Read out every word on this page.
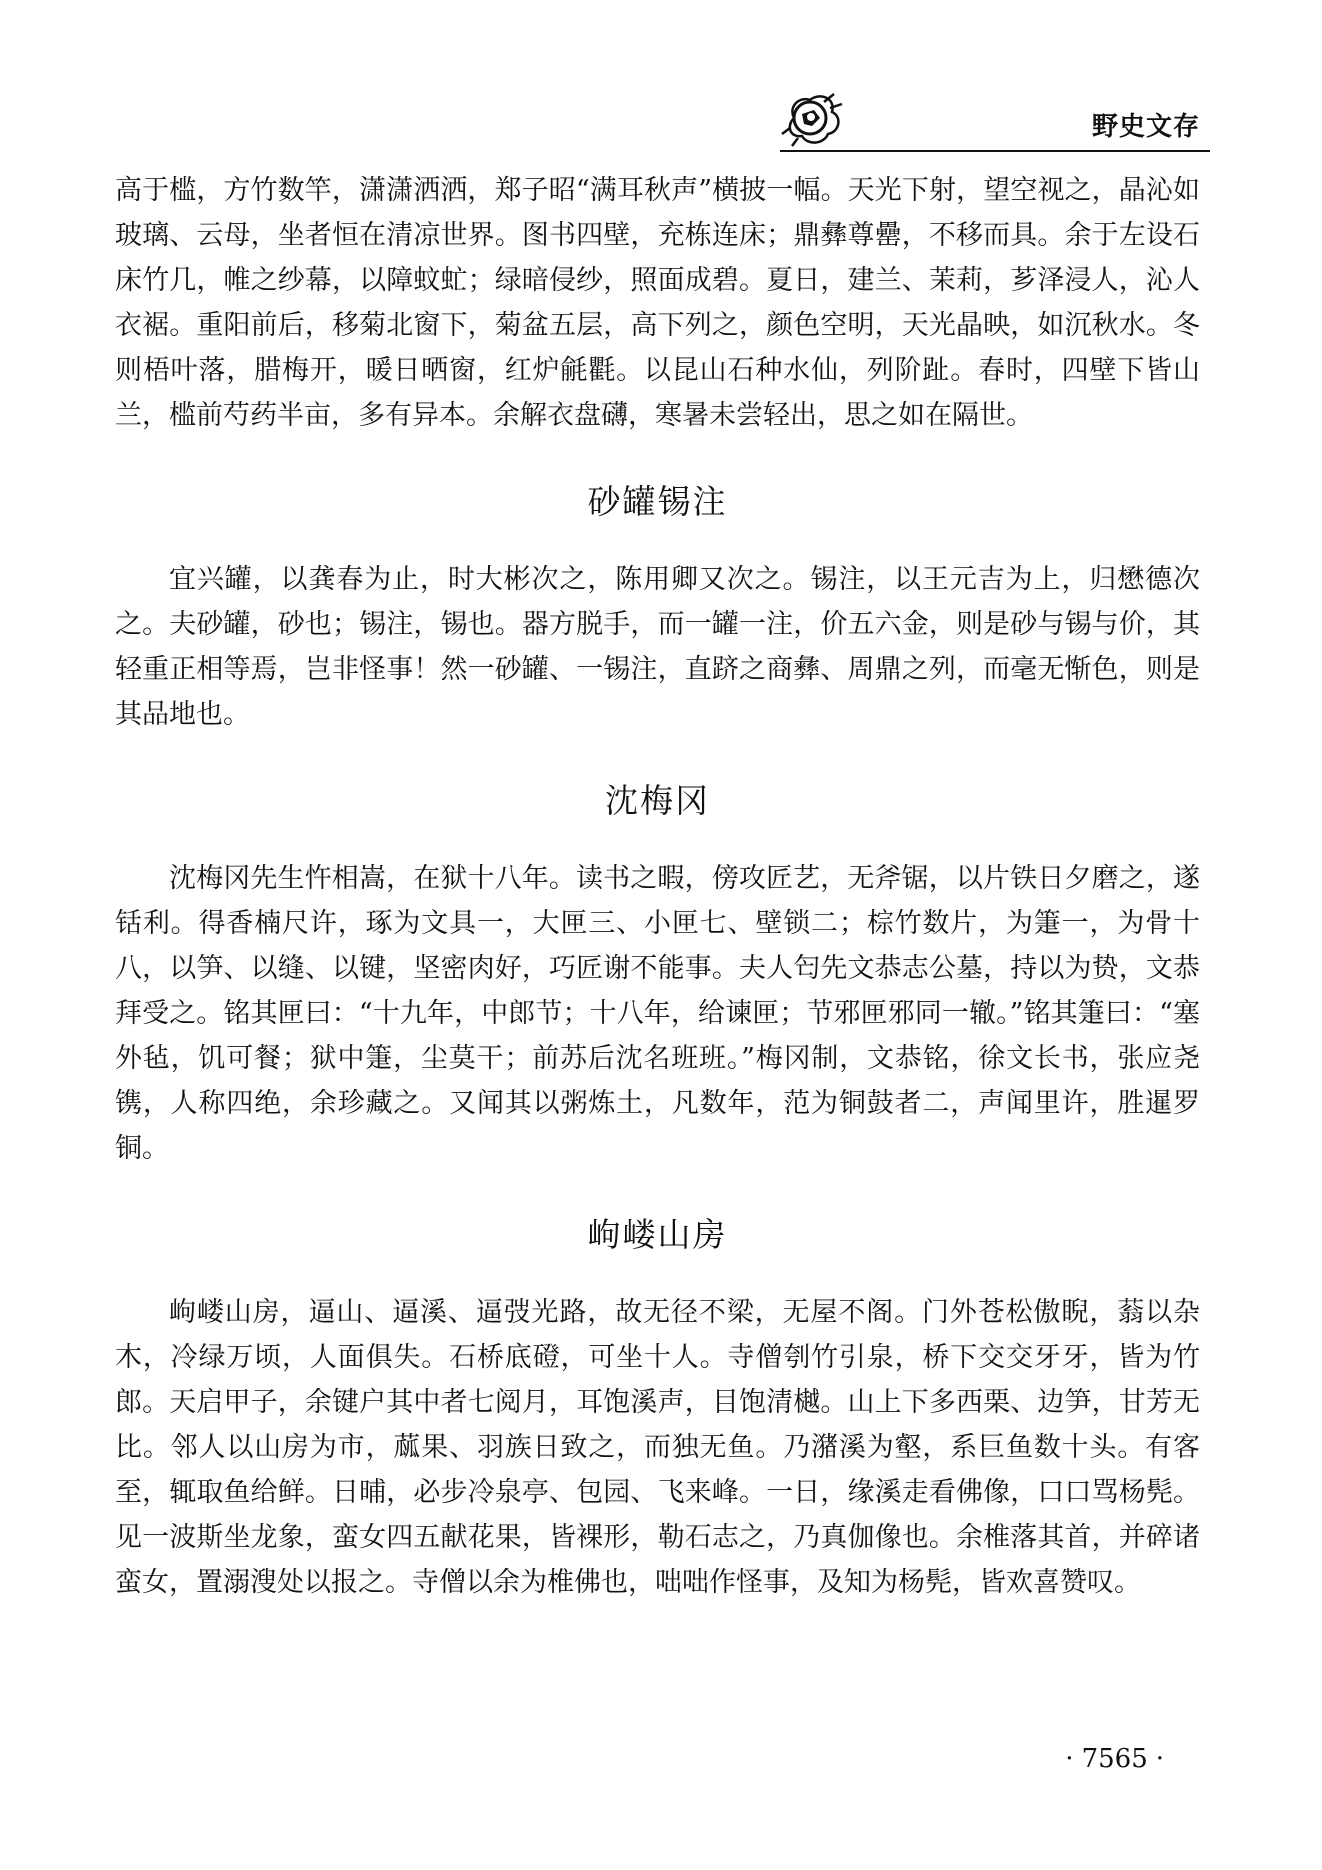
野史文存

高于槛，方竹数竿，潇潇洒洒，郑子昭“满耳秋声”横披一幅。天光下射，望空视之，晶沁如玻璃、云母，坐者恒在清凉世界。图书四壁，充栋连床；鼎彝尊罍，不移而具。余于左设石床竹几，帷之纱幕，以障蚊虻；绿暗侵纱，照面成碧。夏日，建兰、茉莉，芗泽浸人，沁人衣裾。重阳前后，移菊北窗下，菊盆五层，高下列之，颜色空明，天光晶映，如沉秋水。冬则梧叶落，腊梅开，暖日晒窗，红炉毹氍。以昆山石种水仙，列阶趾。春时，四壁下皆山兰，槛前芍药半亩，多有异本。余解衣盘礴，寒暑未尝轻出，思之如在隔世。

砂罐锡注

宜兴罐，以龚春为止，时大彬次之，陈用卿又次之。锡注，以王元吉为上，归懋德次之。夫砂罐，砂也；锡注，锡也。器方脱手，而一罐一注，价五六金，则是砂与锡与价，其轻重正相等焉，岂非怪事！然一砂罐、一锡注，直跻之商彝、周鼎之列，而毫无惭色，则是其品地也。

沈梅冈

沈梅冈先生忤相嵩，在狱十八年。读书之暇，傍攻匠艺，无斧锯，以片铁日夕磨之，遂铦利。得香楠尺许，琢为文具一，大匣三、小匣七、壁锁二；棕竹数片，为箑一，为骨十八，以笋、以缝、以键，坚密肉好，巧匠谢不能事。夫人匄先文恭志公墓，持以为贽，文恭拜受之。铭其匣曰：“十九年，中郎节；十八年，给谏匣；节邪匣邪同一辙。”铭其箑曰：“塞外毡，饥可餐；狱中箑，尘莫干；前苏后沈名班班。”梅冈制，文恭铭，徐文长书，张应尧镌，人称四绝，余珍藏之。又闻其以粥炼土，凡数年，范为铜鼓者二，声闻里许，胜暹罗铜。

岣嵝山房

岣嵝山房，逼山、逼溪、逼弢光路，故无径不梁，无屋不阁。门外苍松傲睨，蓊以杂木，冷绿万顷，人面俱失。石桥底磴，可坐十人。寺僧刳竹引泉，桥下交交牙牙，皆为竹郎。天启甲子，余键户其中者七阅月，耳饱溪声，目饱清樾。山上下多西栗、边笋，甘芳无比。邻人以山房为市，蓏果、羽族日致之，而独无鱼。乃潴溪为壑，系巨鱼数十头。有客至，辄取鱼给鲜。日晡，必步冷泉亭、包园、飞来峰。一日，缘溪走看佛像，口口骂杨髡。见一波斯坐龙象，蛮女四五献花果，皆裸形，勒石志之，乃真伽像也。余椎落其首，并碎诸蛮女，置溺溲处以报之。寺僧以余为椎佛也，咄咄作怪事，及知为杨髡，皆欢喜赞叹。

· 7565 ·
